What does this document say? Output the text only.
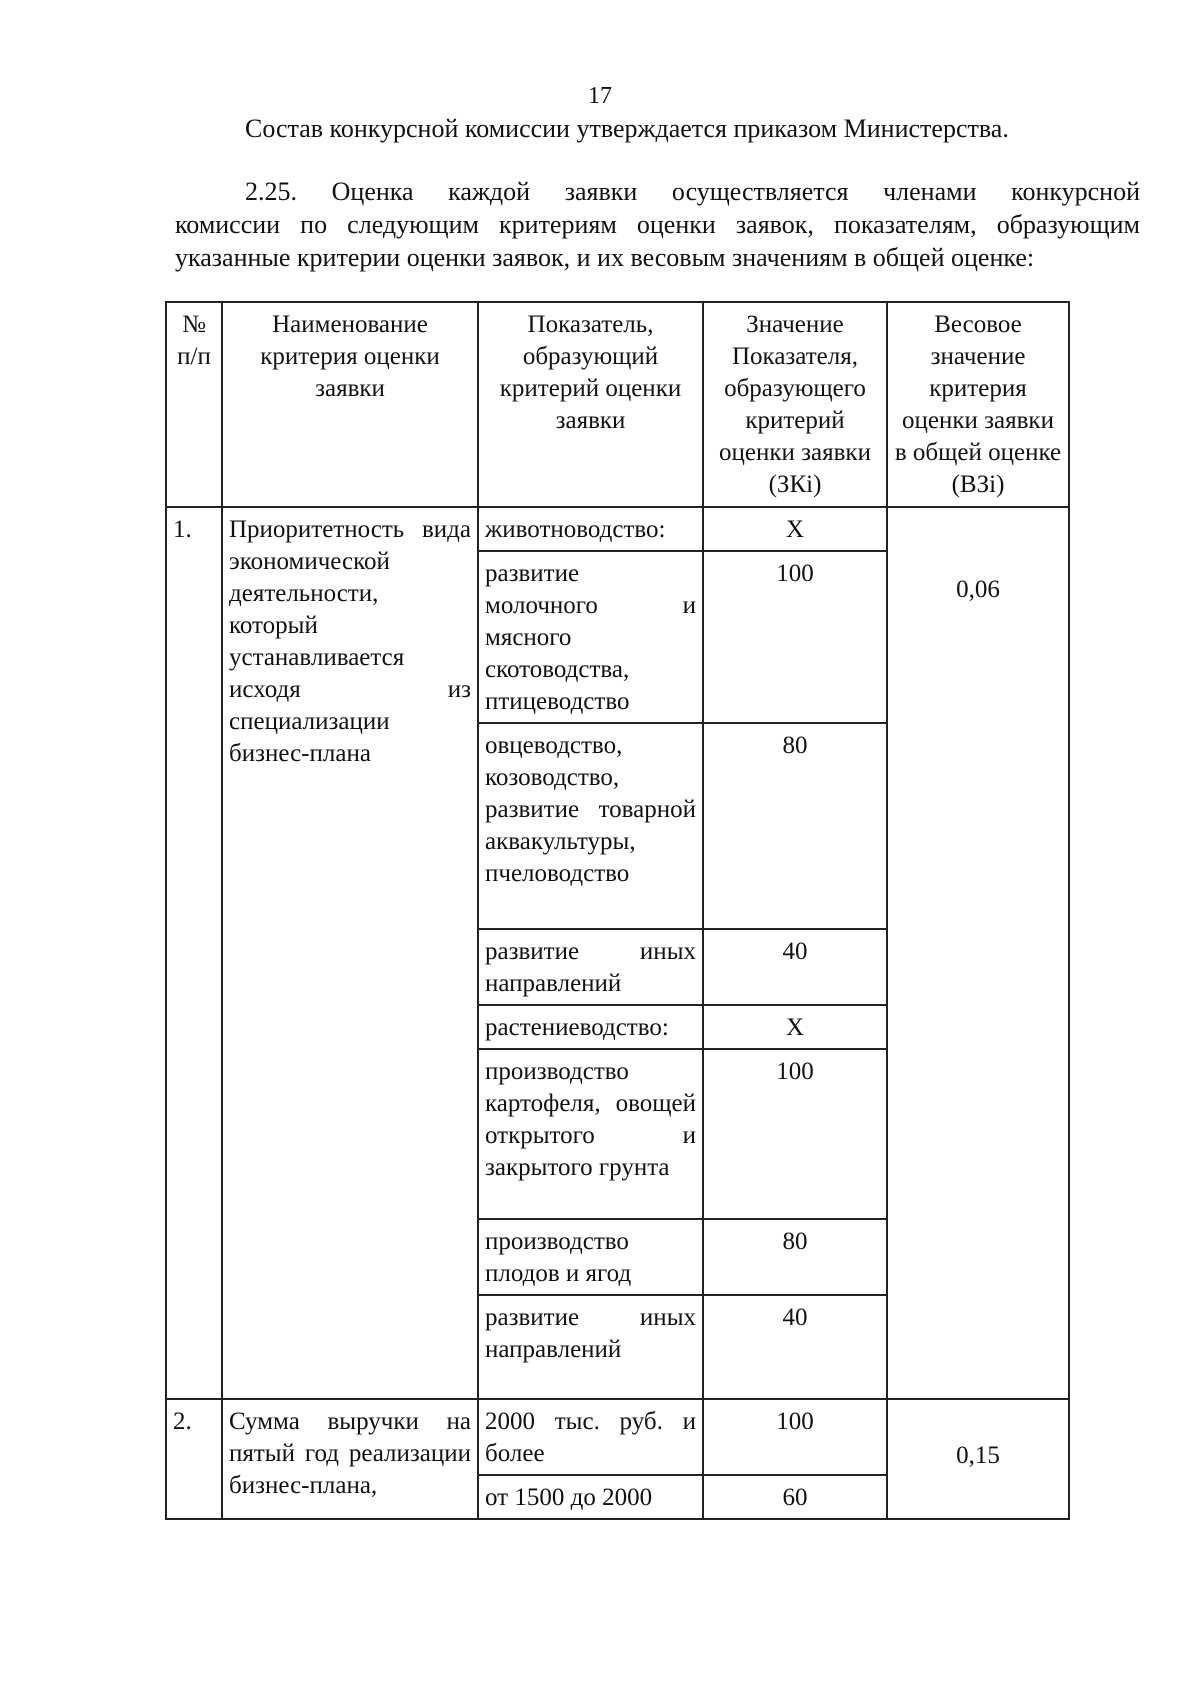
17
Состав конкурсной комиссии утверждается приказом Министерства.
2.25. Оценка каждой заявки осуществляется членами конкурсной
комиссии по следующим критериям оценки заявок, показателям, образующим указанные критерии оценки заявок, и их весовым значениям в общей оценке:
№ п/п	Наименование критерия оценки заявки	Показатель, образующий критерий оценки заявки	Значение Показателя, образующего критерий оценки заявки (ЗКi)	Весовое значение критерия оценки заявки в общей оценке (ВЗi)
1.	Приоритетность вида экономической деятельности, который устанавливается исходя из специализации бизнес-плана	животноводство:	Х	0,06
		развитие молочного и мясного скотоводства, птицеводство	100	
		овцеводство, козоводство, развитие товарной аквакультуры, пчеловодство	80	
		развитие иных направлений	40	
		растениеводство:	Х	
		производство картофеля, овощей открытого и закрытого грунта	100	
		производство плодов и ягод	80	
		развитие иных направлений	40	
2.	Сумма выручки на пятый год реализации бизнес-плана,	2000 тыс. руб. и более	100	0,15
		от 1500 до 2000	60	
